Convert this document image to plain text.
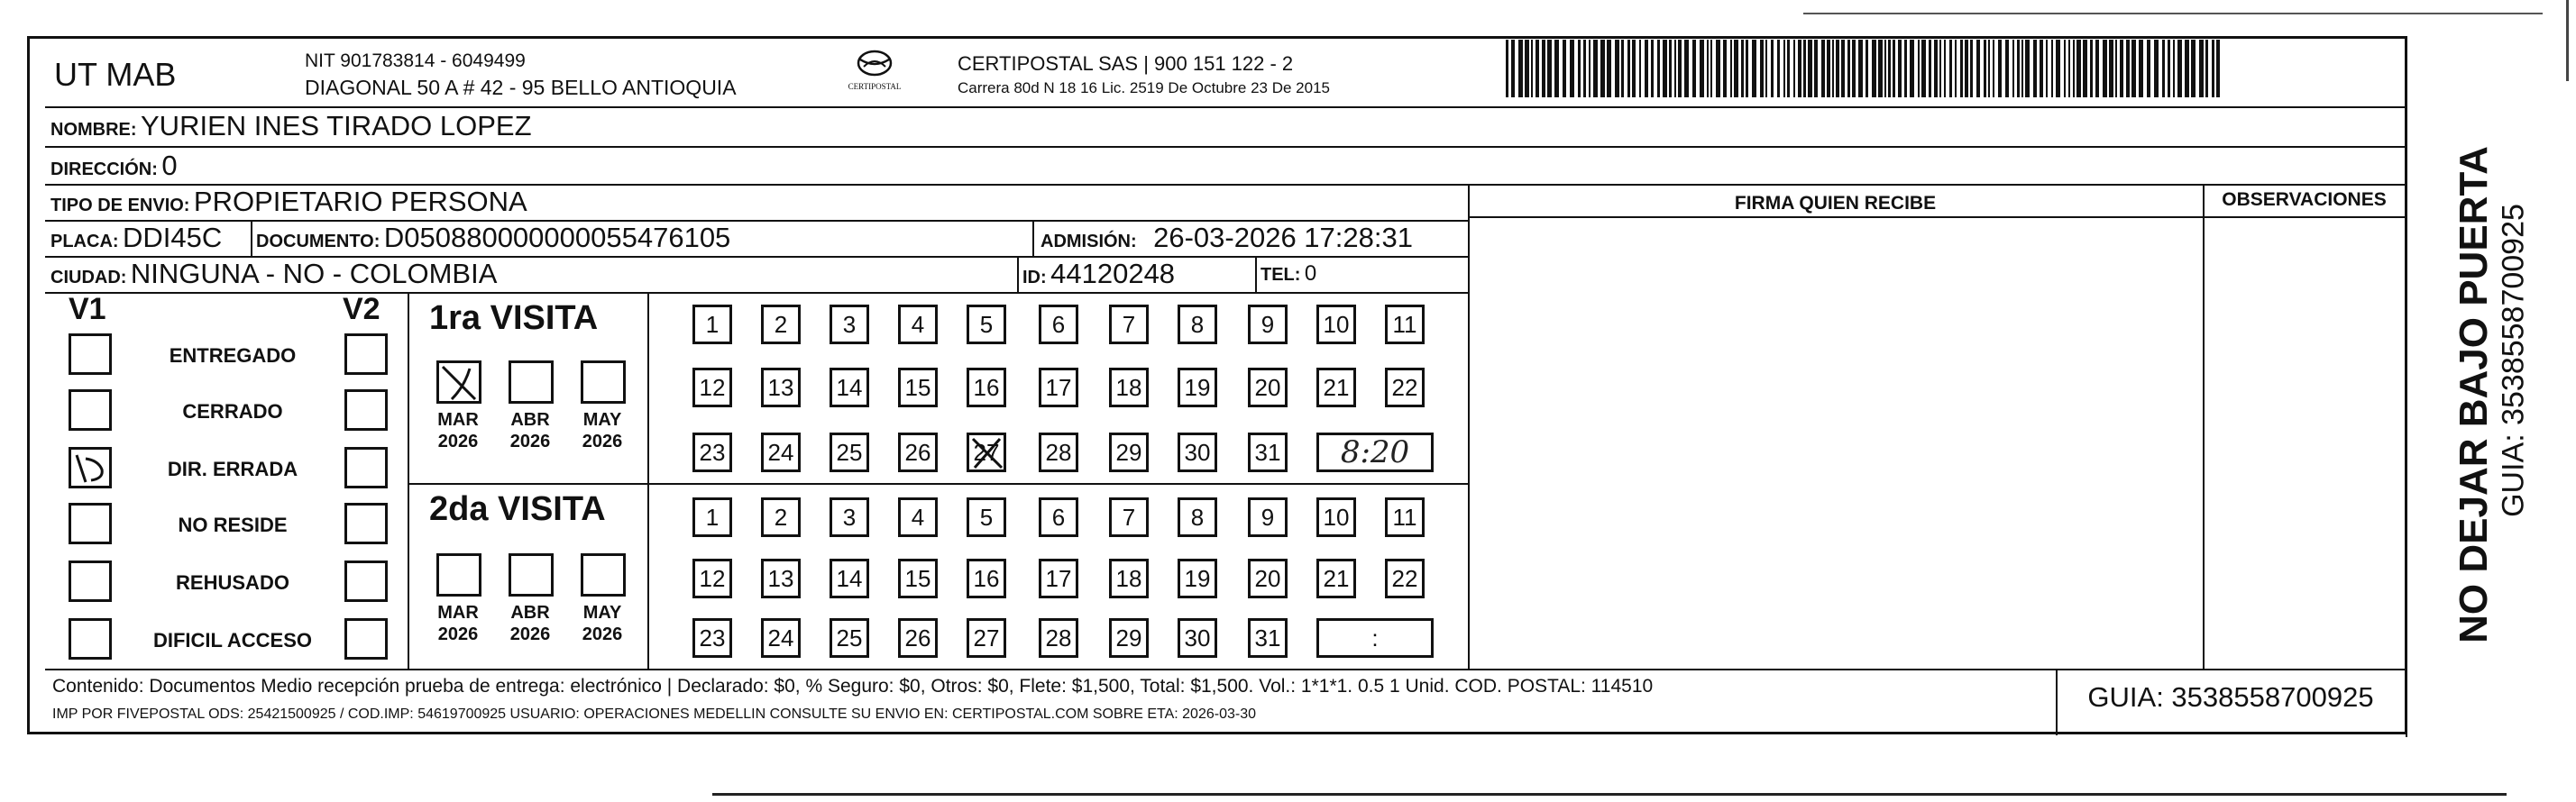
UT MAB	NIT 901783814 - 6049499
DIAGONAL 50 A # 42 - 95 BELLO ANTIOQUIA	CERTIPOSTAL
CERTIPOSTAL SAS | 900 151 122 - 2
Carrera 80d N 18 16 Lic. 2519 De Octubre 23 De 2015
NOMBRE: YURIEN INES TIRADO LOPEZ
DIRECCIÓN: 0
TIPO DE ENVIO: PROPIETARIO PERSONA	FIRMA QUIEN RECIBE	OBSERVACIONES
PLACA: DDI45C DOCUMENTO: D050880000000055476105	ADMISIÓN: 26-03-2026 17:28:31
CIUDAD: NINGUNA - NO - COLOMBIA	ID: 44120248	TEL: 0
V1	V2
ENTREGADO
CERRADO
DIR. ERRADA
NO RESIDE
REHUSADO
DIFICIL ACCESO
1ra VISITA
2da VISITA
MAR
2026
ABR
2026
MAY
2026
MAR
2026
ABR
2026
MAY
2026
1	2	3	4	5	6	7	8	9	10	11
12 13 14 15 16 17 18 19 20 21 22
23 24 25 26 27 28 29 30 31 8:20
1	2	3	4	5	6	7	8	9	10	11
12 13 14 15 16 17 18 19 20 21 22
23 24 25 26 27 28 29 30 31	:
Contenido: Documentos Medio recepción prueba de entrega: electrónico | Declarado: $0, % Seguro: $0, Otros: $0, Flete: $1,500, Total: $1,500. Vol.: 1*1*1. 0.5 1 Unid. COD. POSTAL: 114510
IMP POR FIVEPOSTAL ODS: 25421500925 / COD.IMP: 54619700925 USUARIO: OPERACIONES MEDELLIN CONSULTE SU ENVIO EN: CERTIPOSTAL.COM SOBRE ETA: 2026-03-30
GUIA: 3538558700925
NO DEJAR BAJO PUERTA GUIA: 3538558700925
